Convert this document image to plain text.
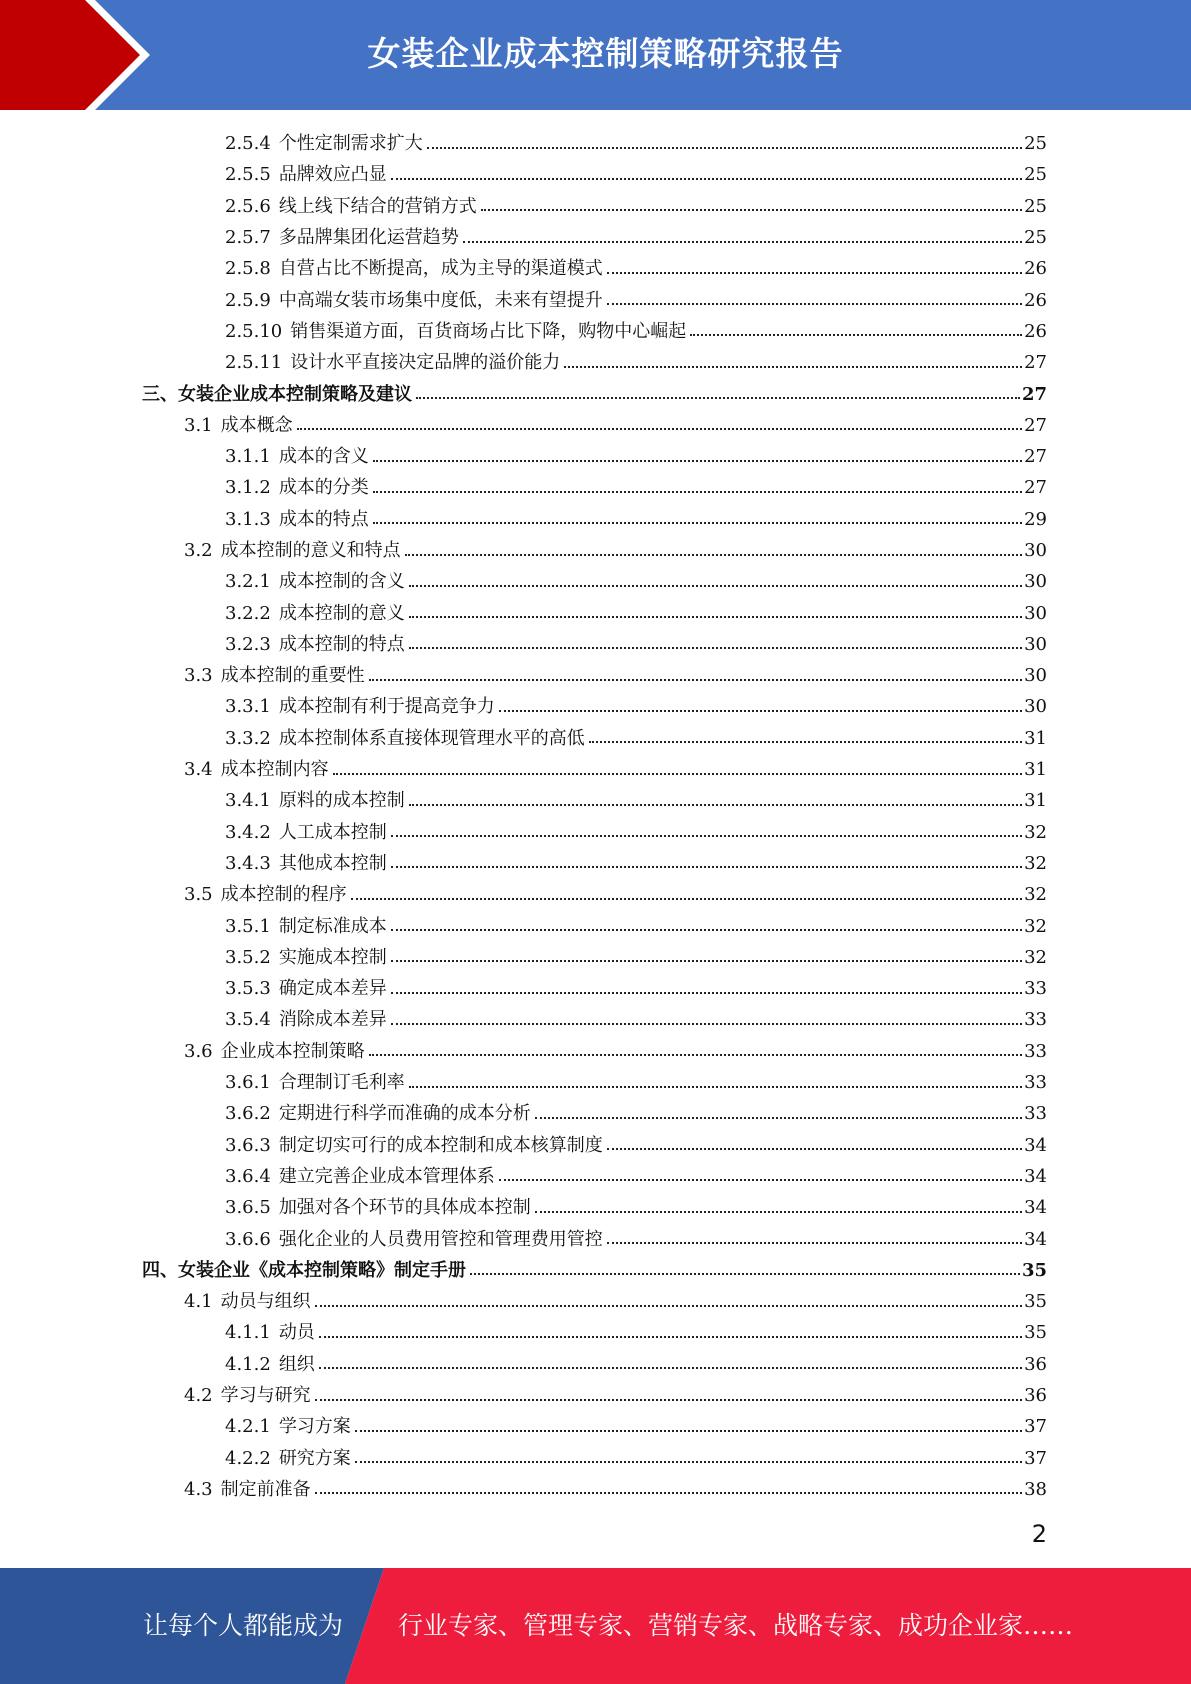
女装企业成本控制策略研究报告
2.5.4 个性定制需求扩大	25
2.5.5 品牌效应凸显	25
2.5.6 线上线下结合的营销方式	25
2.5.7 多品牌集团化运营趋势	25
2.5.8 自营占比不断提高，成为主导的渠道模式	26
2.5.9 中高端女装市场集中度低，未来有望提升	26
2.5.10 销售渠道方面，百货商场占比下降，购物中心崛起	26
2.5.11 设计水平直接决定品牌的溢价能力	27
三、女装企业成本控制策略及建议	27
3.1 成本概念	27
3.1.1 成本的含义	27
3.1.2 成本的分类	27
3.1.3 成本的特点	29
3.2 成本控制的意义和特点	30
3.2.1 成本控制的含义	30
3.2.2 成本控制的意义	30
3.2.3 成本控制的特点	30
3.3 成本控制的重要性	30
3.3.1 成本控制有利于提高竞争力	30
3.3.2 成本控制体系直接体现管理水平的高低	31
3.4 成本控制内容	31
3.4.1 原料的成本控制	31
3.4.2 人工成本控制	32
3.4.3 其他成本控制	32
3.5 成本控制的程序	32
3.5.1 制定标准成本	32
3.5.2 实施成本控制	32
3.5.3 确定成本差异	33
3.5.4 消除成本差异	33
3.6 企业成本控制策略	33
3.6.1 合理制订毛利率	33
3.6.2 定期进行科学而准确的成本分析	33
3.6.3 制定切实可行的成本控制和成本核算制度	34
3.6.4 建立完善企业成本管理体系	34
3.6.5 加强对各个环节的具体成本控制	34
3.6.6 强化企业的人员费用管控和管理费用管控	34
四、女装企业《成本控制策略》制定手册	35
4.1 动员与组织	35
4.1.1 动员	35
4.1.2 组织	36
4.2 学习与研究	36
4.2.1 学习方案	37
4.2.2 研究方案	37
4.3 制定前准备	38
2
让每个人都能成为 行业专家、管理专家、营销专家、战略专家、成功企业家……
